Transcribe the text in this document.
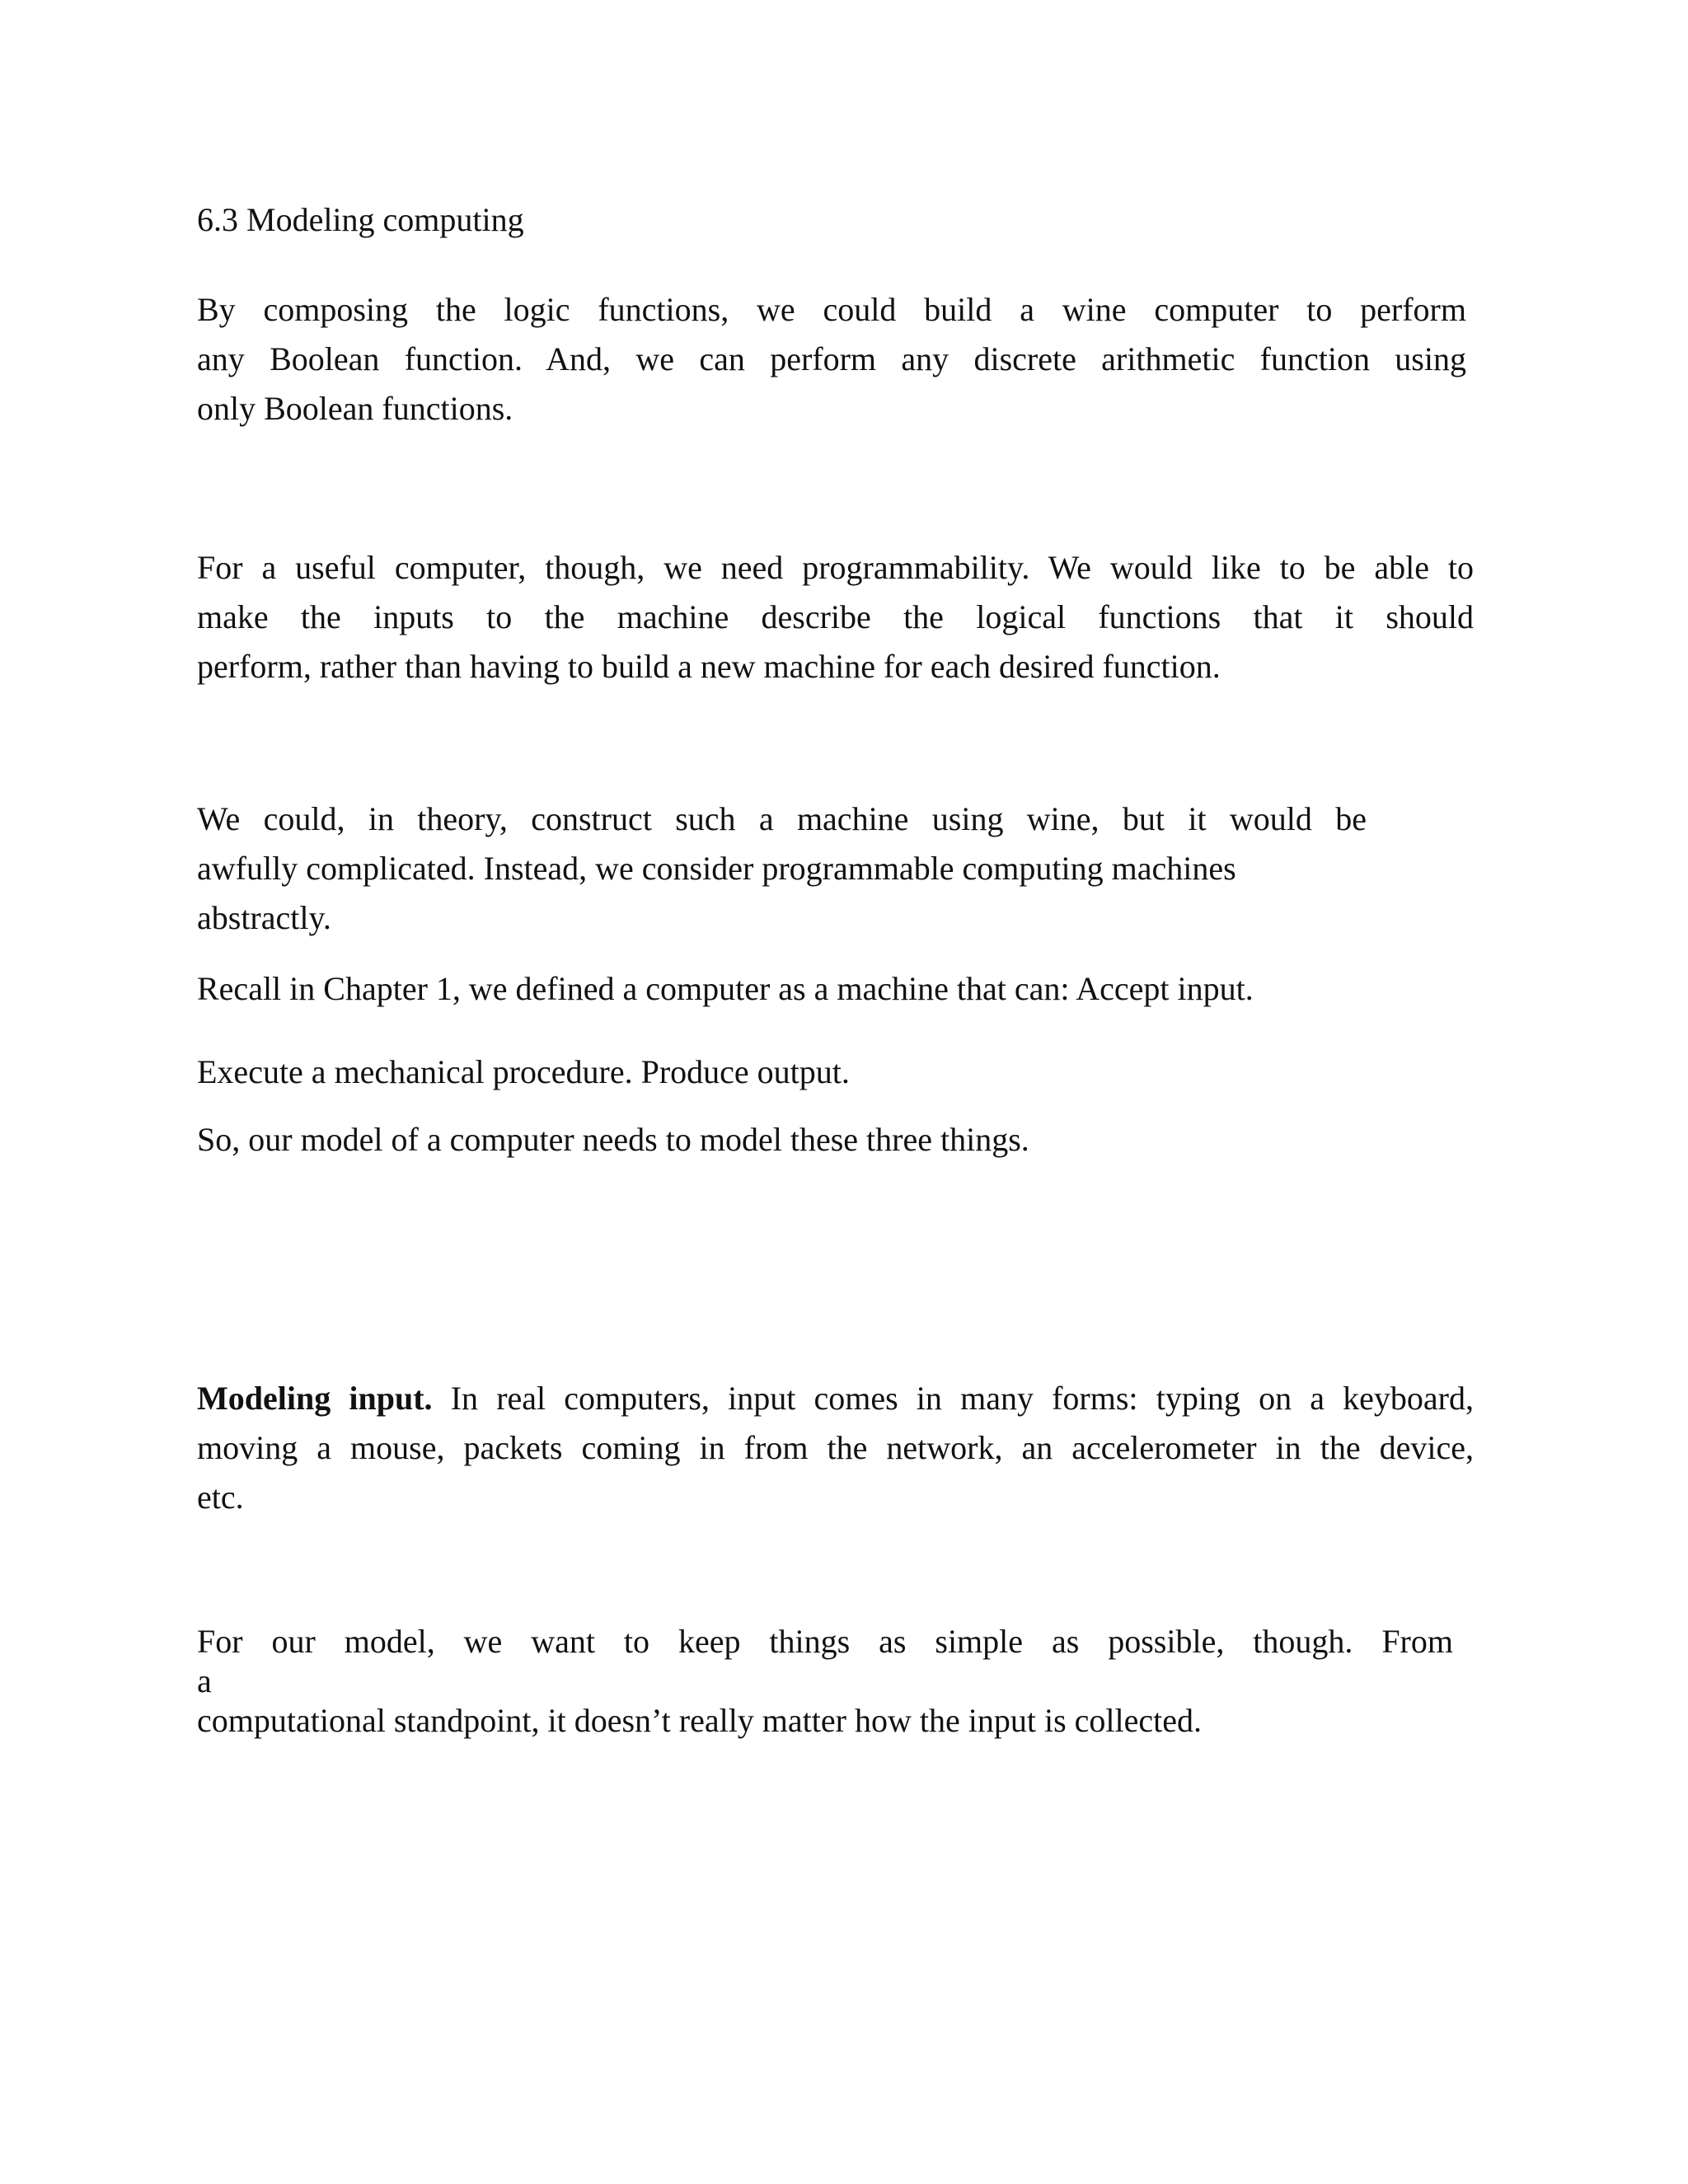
6.3 Modeling computing

By composing the logic functions, we could build a wine computer to perform
any Boolean function. And, we can perform any discrete arithmetic function using
only Boolean functions.

For a useful computer, though, we need programmability. We would like to be able to
make the inputs to the machine describe the logical functions that it should
perform, rather than having to build a new machine for each desired function.

We could, in theory, construct such a machine using wine, but it would be
awfully complicated. Instead, we consider programmable computing machines
abstractly.

Recall in Chapter 1, we defined a computer as a machine that can: Accept input.

Execute a mechanical procedure. Produce output.

So, our model of a computer needs to model these three things.

Modeling input. In real computers, input comes in many forms: typing on a keyboard,
moving a mouse, packets coming in from the network, an accelerometer in the device,
etc.

For our model, we want to keep things as simple as possible, though. From
a
computational standpoint, it doesn’t really matter how the input is collected.
